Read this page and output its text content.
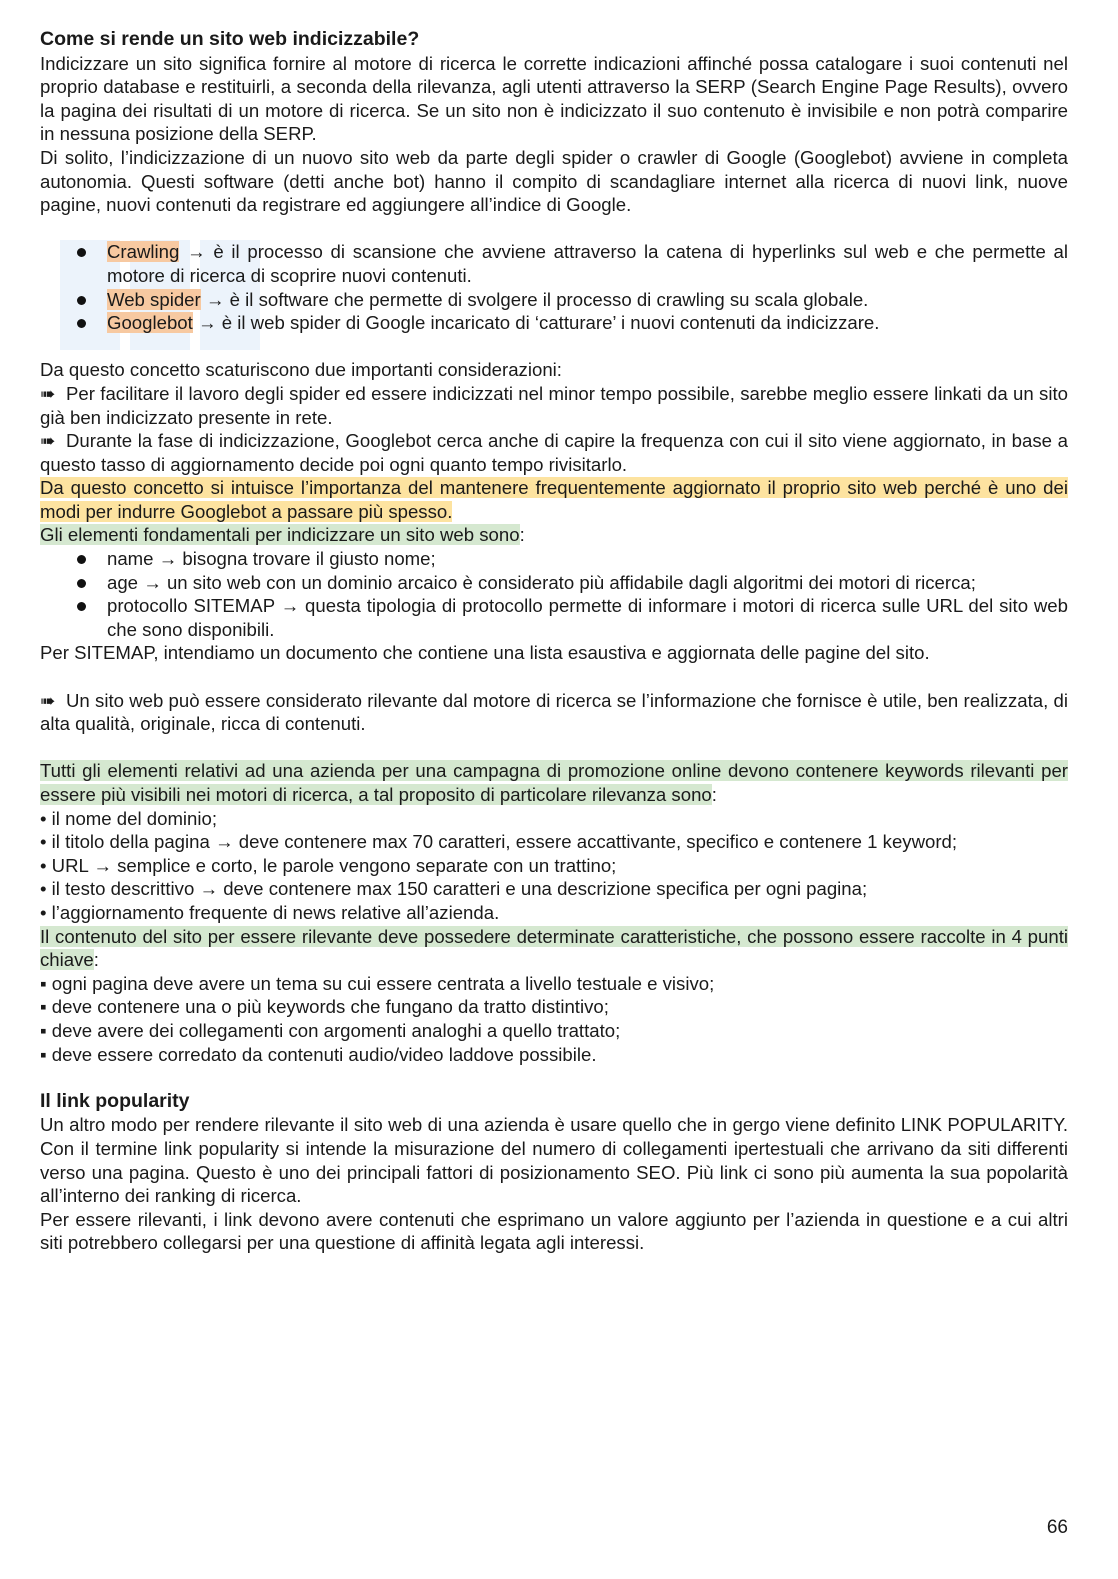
Come si rende un sito web indicizzabile?

Indicizzare un sito significa fornire al motore di ricerca le corrette indicazioni affinché possa catalogare i suoi contenuti nel proprio database e restituirli, a seconda della rilevanza, agli utenti attraverso la SERP (Search Engine Page Results), ovvero la pagina dei risultati di un motore di ricerca. Se un sito non è indicizzato il suo contenuto è invisibile e non potrà comparire in nessuna posizione della SERP.

Di solito, l’indicizzazione di un nuovo sito web da parte degli spider o crawler di Google (Googlebot) avviene in completa autonomia. Questi software (detti anche bot) hanno il compito di scandagliare internet alla ricerca di nuovi link, nuove pagine, nuovi contenuti da registrare ed aggiungere all’indice di Google.

Crawling → è il processo di scansione che avviene attraverso la catena di hyperlinks sul web e che permette al motore di ricerca di scoprire nuovi contenuti.
Web spider → è il software che permette di svolgere il processo di crawling su scala globale.
Googlebot → è il web spider di Google incaricato di ‘catturare’ i nuovi contenuti da indicizzare.

Da questo concetto scaturiscono due importanti considerazioni:

➠ Per facilitare il lavoro degli spider ed essere indicizzati nel minor tempo possibile, sarebbe meglio essere linkati da un sito già ben indicizzato presente in rete.

➠ Durante la fase di indicizzazione, Googlebot cerca anche di capire la frequenza con cui il sito viene aggiornato, in base a questo tasso di aggiornamento decide poi ogni quanto tempo rivisitarlo.

Da questo concetto si intuisce l’importanza del mantenere frequentemente aggiornato il proprio sito web perché è uno dei modi per indurre Googlebot a passare più spesso.

Gli elementi fondamentali per indicizzare un sito web sono:

name → bisogna trovare il giusto nome;
age → un sito web con un dominio arcaico è considerato più affidabile dagli algoritmi dei motori di ricerca;
protocollo SITEMAP → questa tipologia di protocollo permette di informare i motori di ricerca sulle URL del sito web che sono disponibili.

Per SITEMAP, intendiamo un documento che contiene una lista esaustiva e aggiornata delle pagine del sito.

➠ Un sito web può essere considerato rilevante dal motore di ricerca se l’informazione che fornisce è utile, ben realizzata, di alta qualità, originale, ricca di contenuti.

Tutti gli elementi relativi ad una azienda per una campagna di promozione online devono contenere keywords rilevanti per essere più visibili nei motori di ricerca, a tal proposito di particolare rilevanza sono:

• il nome del dominio;

• il titolo della pagina → deve contenere max 70 caratteri, essere accattivante, specifico e contenere 1 keyword;

• URL → semplice e corto, le parole vengono separate con un trattino;

• il testo descrittivo → deve contenere max 150 caratteri e una descrizione specifica per ogni pagina;

• l’aggiornamento frequente di news relative all’azienda.

Il contenuto del sito per essere rilevante deve possedere determinate caratteristiche, che possono essere raccolte in 4 punti chiave:

▪ ogni pagina deve avere un tema su cui essere centrata a livello testuale e visivo;

▪ deve contenere una o più keywords che fungano da tratto distintivo;

▪ deve avere dei collegamenti con argomenti analoghi a quello trattato;

▪ deve essere corredato da contenuti audio/video laddove possibile.

Il link popularity

Un altro modo per rendere rilevante il sito web di una azienda è usare quello che in gergo viene definito LINK POPULARITY. Con il termine link popularity si intende la misurazione del numero di collegamenti ipertestuali che arrivano da siti differenti verso una pagina. Questo è uno dei principali fattori di posizionamento SEO. Più link ci sono più aumenta la sua popolarità all’interno dei ranking di ricerca.

Per essere rilevanti, i link devono avere contenuti che esprimano un valore aggiunto per l’azienda in questione e a cui altri siti potrebbero collegarsi per una questione di affinità legata agli interessi.

66
